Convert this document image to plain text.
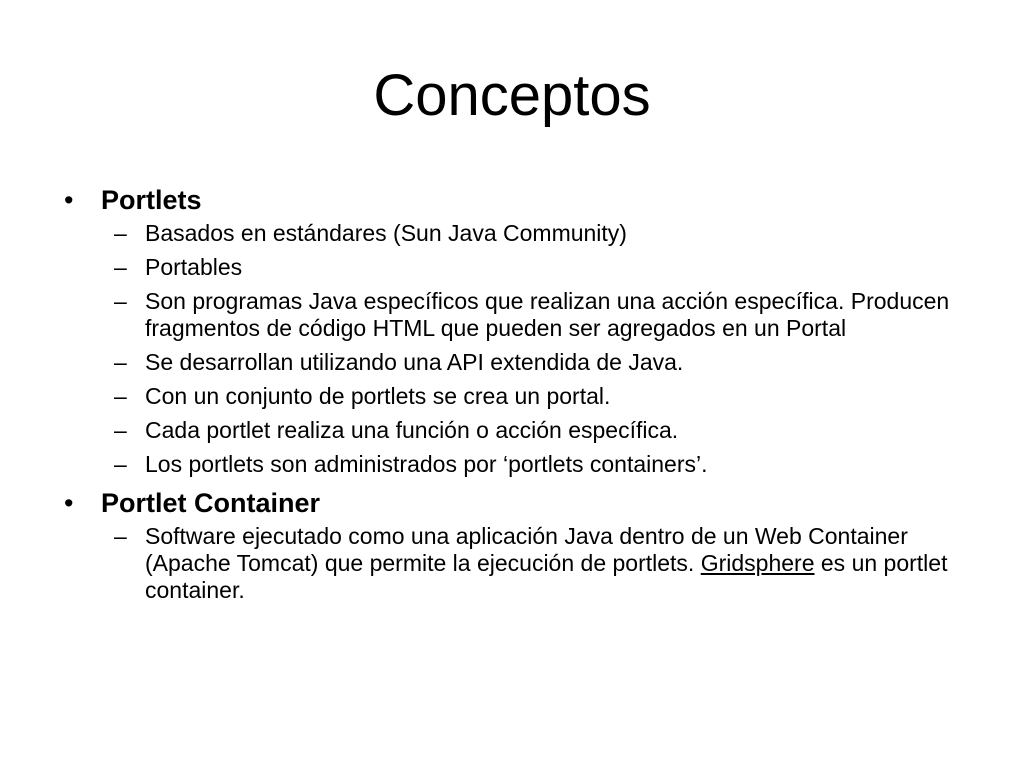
Conceptos
• Portlets
– Basados en estándares (Sun Java Community)
– Portables
– Son programas Java específicos que realizan una acción específica. Producen fragmentos de código HTML que pueden ser agregados en un Portal
– Se desarrollan utilizando una API extendida de Java.
– Con un conjunto de portlets se crea un portal.
– Cada portlet realiza una función o acción específica.
– Los portlets son administrados por ‘portlets containers’.
• Portlet Container
– Software ejecutado como una aplicación Java dentro de un Web Container (Apache Tomcat) que permite la ejecución de portlets. Gridsphere es un portlet container.
